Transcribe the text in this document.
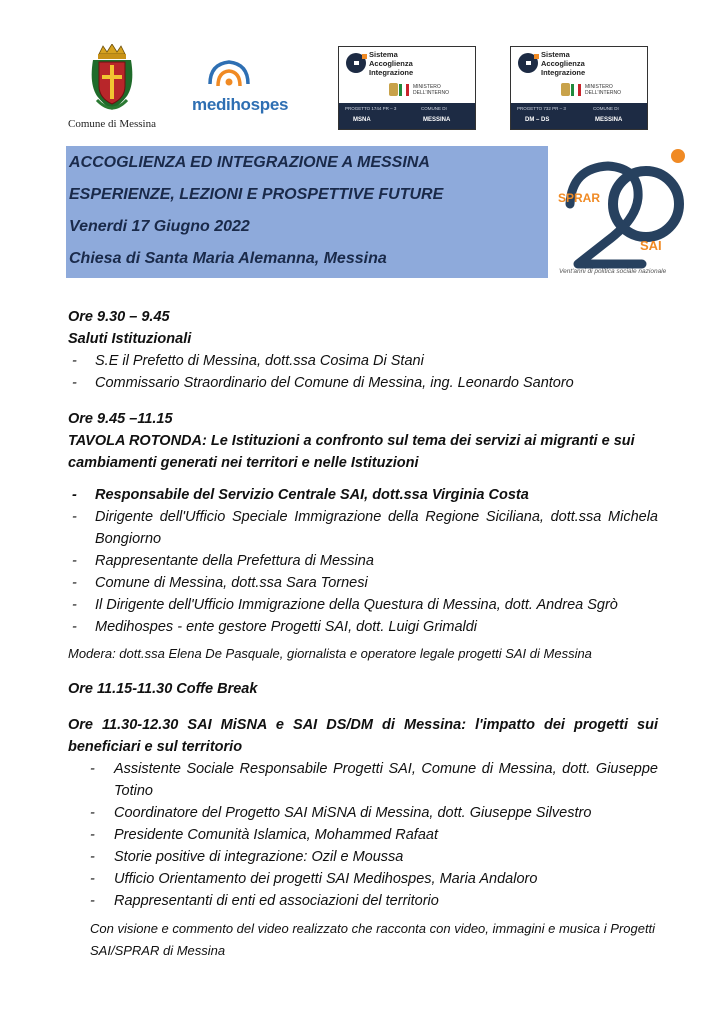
Comune di Messina
medihospes
Sistema
Accoglienza
Integrazione
MINISTERO
DELL'INTERNO
PROGETTO 1744 PR – 3	COMUNE DI
MSNA	MESSINA
Sistema
Accoglienza
Integrazione
MINISTERO
DELL'INTERNO
PROGETTO 732 PR – 3	COMUNE DI
DM – DS	MESSINA
ACCOGLIENZA ED INTEGRAZIONE A MESSINA
ESPERIENZE, LEZIONI E PROSPETTIVE FUTURE
Venerdi 17 Giugno 2022
Chiesa di Santa Maria Alemanna, Messina
SPRAR
SAI
Vent'anni di politica sociale nazionale
Ore 9.30 – 9.45
Saluti Istituzionali
- S.E il Prefetto di Messina, dott.ssa Cosima Di Stani
- Commissario Straordinario del Comune di Messina, ing. Leonardo Santoro
Ore 9.45 –11.15
TAVOLA ROTONDA: Le Istituzioni a confronto sul tema dei servizi ai migranti e sui cambiamenti generati nei territori e nelle Istituzioni
- Responsabile del Servizio Centrale SAI, dott.ssa Virginia Costa
- Dirigente dell'Ufficio Speciale Immigrazione della Regione Siciliana, dott.ssa Michela Bongiorno
- Rappresentante della Prefettura di Messina
- Comune di Messina, dott.ssa Sara Tornesi
- Il Dirigente dell'Ufficio Immigrazione della Questura di Messina, dott. Andrea Sgrò
- Medihospes - ente gestore Progetti SAI, dott. Luigi Grimaldi
Modera: dott.ssa Elena De Pasquale, giornalista e operatore legale progetti SAI di Messina
Ore 11.15-11.30 Coffe Break
Ore 11.30-12.30 SAI MiSNA e SAI DS/DM di Messina: l'impatto dei progetti sui beneficiari e sul territorio
- Assistente Sociale Responsabile Progetti SAI, Comune di Messina, dott. Giuseppe Totino
- Coordinatore del Progetto SAI MiSNA di Messina, dott. Giuseppe Silvestro
- Presidente Comunità Islamica, Mohammed Rafaat
- Storie positive di integrazione: Ozil e Moussa
- Ufficio Orientamento dei progetti SAI Medihospes, Maria Andaloro
- Rappresentanti di enti ed associazioni del territorio
Con visione e commento del video realizzato che racconta con video, immagini e musica i Progetti SAI/SPRAR di Messina
